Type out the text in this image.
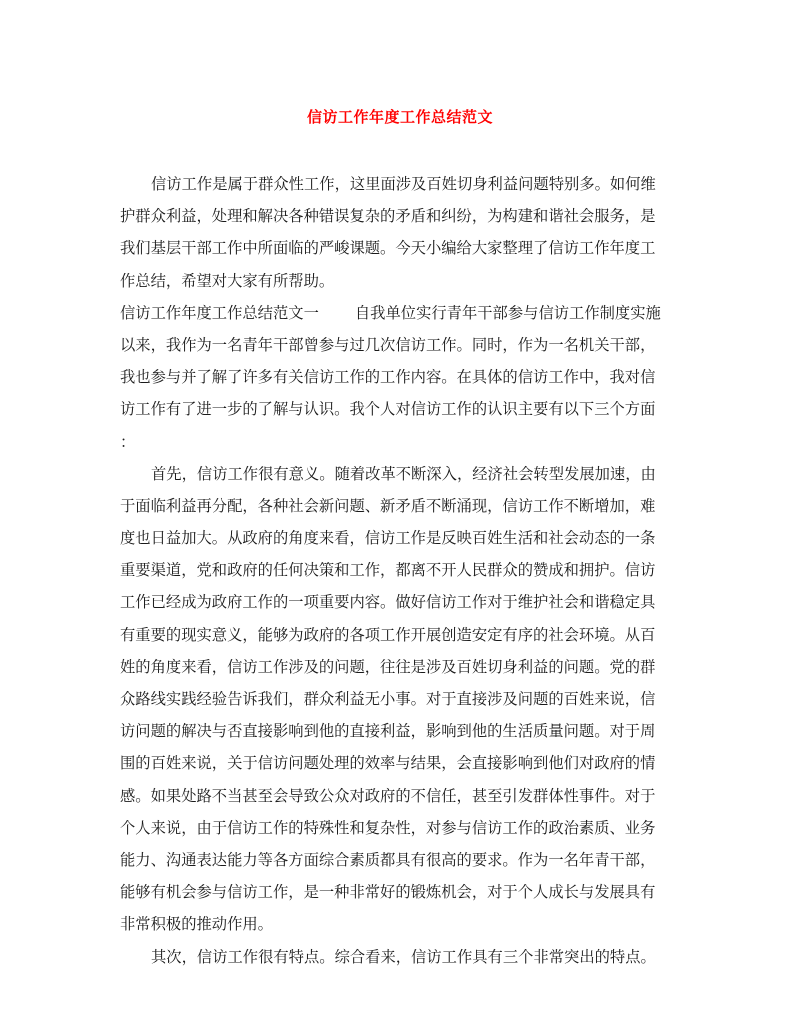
信访工作年度工作总结范文
信访工作是属于群众性工作，这里面涉及百姓切身利益问题特别多。如何维
护群众利益，处理和解决各种错误复杂的矛盾和纠纷，为构建和谐社会服务，是
我们基层干部工作中所面临的严峻课题。今天小编给大家整理了信访工作年度工
作总结，希望对大家有所帮助。
信访工作年度工作总结范文一 自我单位实行青年干部参与信访工作制度实施
以来，我作为一名青年干部曾参与过几次信访工作。同时，作为一名机关干部，
我也参与并了解了许多有关信访工作的工作内容。在具体的信访工作中，我对信
访工作有了进一步的了解与认识。我个人对信访工作的认识主要有以下三个方面
：
首先，信访工作很有意义。随着改革不断深入，经济社会转型发展加速，由
于面临利益再分配，各种社会新问题、新矛盾不断涌现，信访工作不断增加，难
度也日益加大。从政府的角度来看，信访工作是反映百姓生活和社会动态的一条
重要渠道，党和政府的任何决策和工作，都离不开人民群众的赞成和拥护。信访
工作已经成为政府工作的一项重要内容。做好信访工作对于维护社会和谐稳定具
有重要的现实意义，能够为政府的各项工作开展创造安定有序的社会环境。从百
姓的角度来看，信访工作涉及的问题，往往是涉及百姓切身利益的问题。党的群
众路线实践经验告诉我们，群众利益无小事。对于直接涉及问题的百姓来说，信
访问题的解决与否直接影响到他的直接利益，影响到他的生活质量问题。对于周
围的百姓来说，关于信访问题处理的效率与结果，会直接影响到他们对政府的情
感。如果处路不当甚至会导致公众对政府的不信任，甚至引发群体性事件。对于
个人来说，由于信访工作的特殊性和复杂性，对参与信访工作的政治素质、业务
能力、沟通表达能力等各方面综合素质都具有很高的要求。作为一名年青干部，
能够有机会参与信访工作，是一种非常好的锻炼机会，对于个人成长与发展具有
非常积极的推动作用。
其次，信访工作很有特点。综合看来，信访工作具有三个非常突出的特点。
